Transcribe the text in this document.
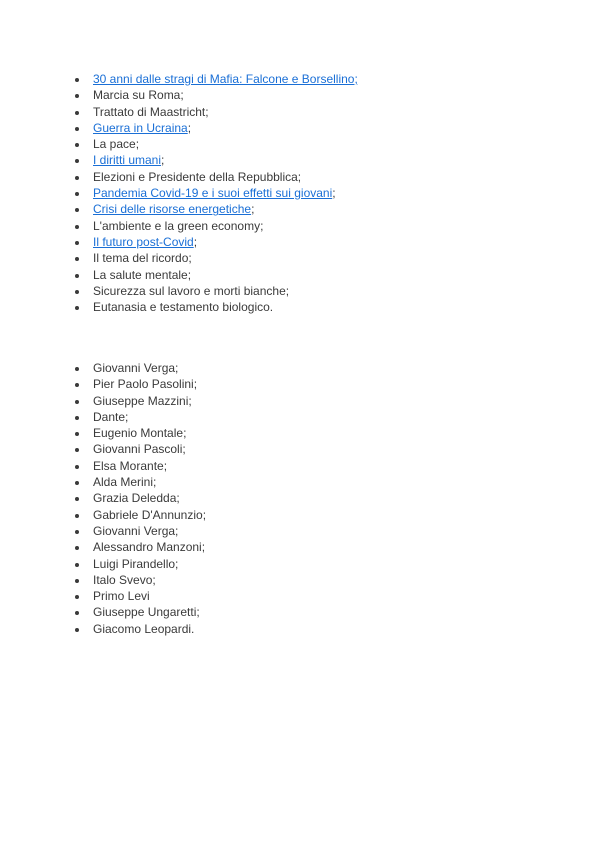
30 anni dalle stragi di Mafia: Falcone e Borsellino;
Marcia su Roma;
Trattato di Maastricht;
Guerra in Ucraina;
La pace;
I diritti umani;
Elezioni e Presidente della Repubblica;
Pandemia Covid-19 e i suoi effetti sui giovani;
Crisi delle risorse energetiche;
L'ambiente e la green economy;
Il futuro post-Covid;
Il tema del ricordo;
La salute mentale;
Sicurezza sul lavoro e morti bianche;
Eutanasia e testamento biologico.
Giovanni Verga;
Pier Paolo Pasolini;
Giuseppe Mazzini;
Dante;
Eugenio Montale;
Giovanni Pascoli;
Elsa Morante;
Alda Merini;
Grazia Deledda;
Gabriele D'Annunzio;
Giovanni Verga;
Alessandro Manzoni;
Luigi Pirandello;
Italo Svevo;
Primo Levi
Giuseppe Ungaretti;
Giacomo Leopardi.
